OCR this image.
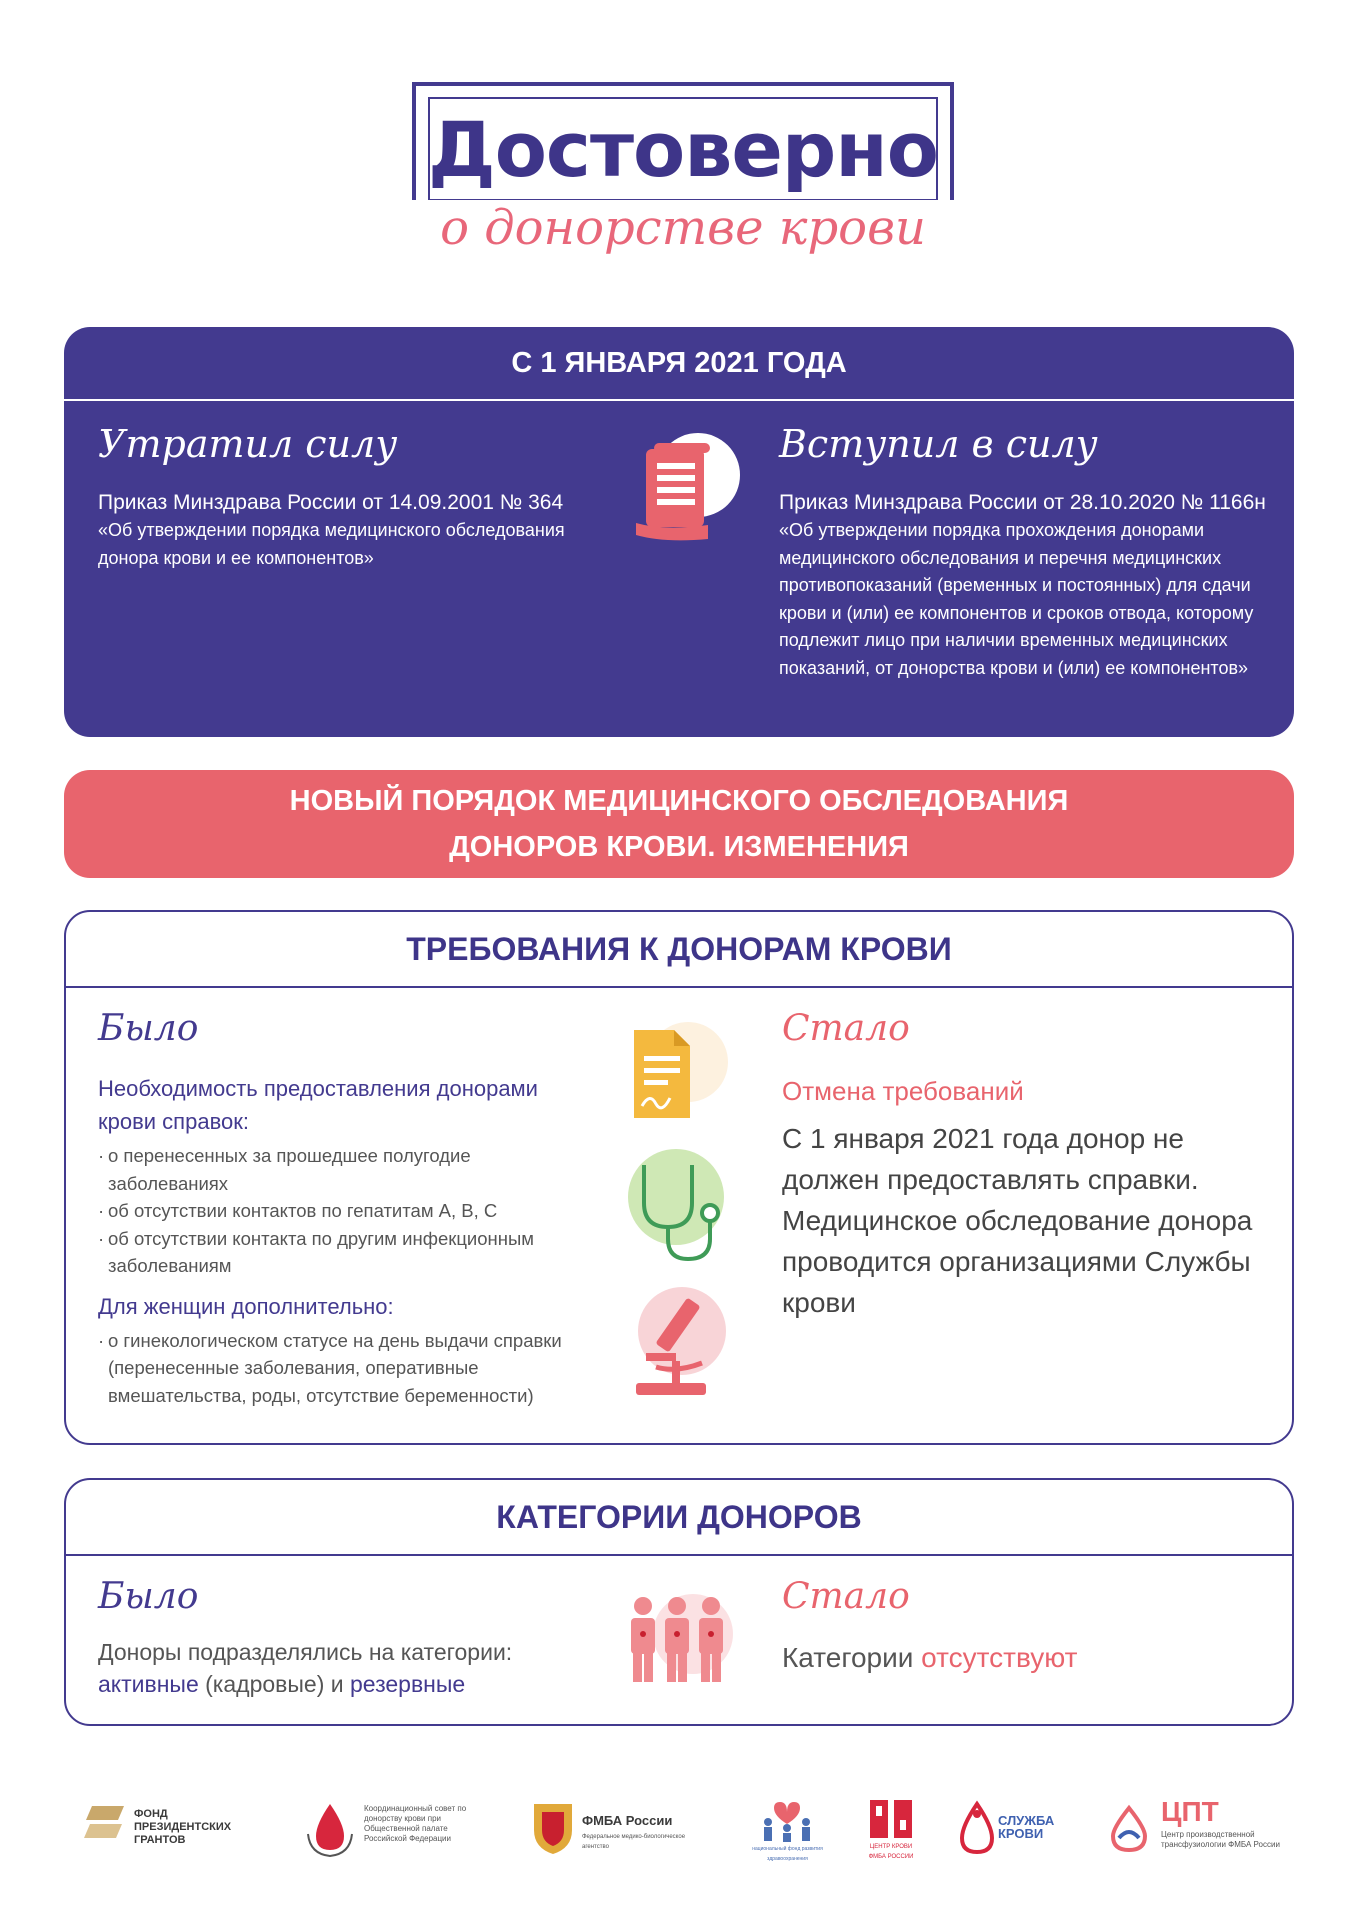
Достоверно
о донорстве крови
С 1 ЯНВАРЯ 2021 ГОДА
Утратил силу
Приказ Минздрава России от 14.09.2001 № 364
«Об утверждении порядка медицинского обследования донора крови и ее компонентов»
Вступил в силу
Приказ Минздрава России от 28.10.2020 № 1166н
«Об утверждении порядка прохождения донорами медицинского обследования и перечня медицинских противопоказаний (временных и постоянных) для сдачи крови и (или) ее компонентов и сроков отвода, которому подлежит лицо при наличии временных медицинских показаний, от донорства крови и (или) ее компонентов»
НОВЫЙ ПОРЯДОК МЕДИЦИНСКОГО ОБСЛЕДОВАНИЯ
ДОНОРОВ КРОВИ. ИЗМЕНЕНИЯ
ТРЕБОВАНИЯ К ДОНОРАМ КРОВИ
Было
Необходимость предоставления донорами крови справок:
· о перенесенных за прошедшее полугодие заболеваниях
· об отсутствии контактов по гепатитам А, В, С
· об отсутствии контакта по другим инфекционным заболеваниям
Для женщин дополнительно:
· о гинекологическом статусе на день выдачи справки (перенесенные заболевания, оперативные вмешательства, роды, отсутствие беременности)
Стало
Отмена требований
С 1 января 2021 года донор не должен предоставлять справки. Медицинское обследование донора проводится организациями Службы крови
КАТЕГОРИИ ДОНОРОВ
Было
Доноры подразделялись на категории:
активные (кадровые) и резервные
Стало
Категории отсутствуют
ФОНД ПРЕЗИДЕНТСКИХ ГРАНТОВ
Координационный совет по донорству крови при Общественной палате Российской Федерации
ФМБА России
Федеральное медико-биологическое агентство	национальный фонд развития здравоохранения
ЦЕНТР КРОВИ ФМБА РОССИИ
СЛУЖБА КРОВИ
ЦПТ
Центр производственной трансфузиологии ФМБА России
